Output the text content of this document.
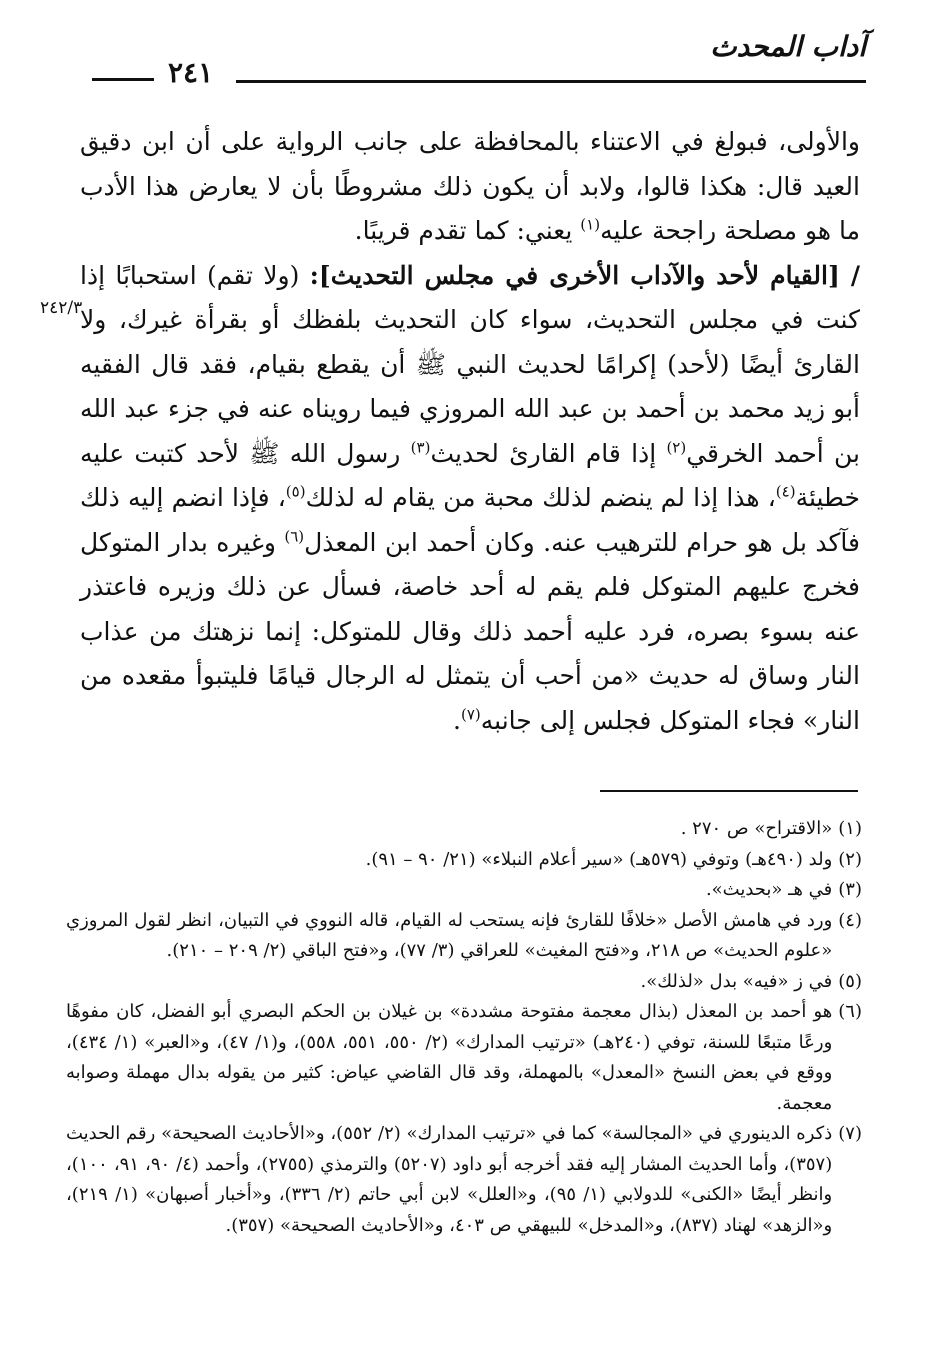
آداب المحدث
٢٤١
٢٤٢/٣

والأولى، فبولغ في الاعتناء بالمحافظة على جانب الرواية على أن ابن دقيق العيد قال: هكذا قالوا، ولابد أن يكون ذلك مشروطًا بأن لا يعارض هذا الأدب ما هو مصلحة راجحة عليه$^{(١)}$ يعني: كما تقدم قريبًا.

/ [القيام لأحد والآداب الأخرى في مجلس التحديث]: (ولا تقم) استحبابًا إذا كنت في مجلس التحديث، سواء كان التحديث بلفظك أو بقرأة غيرك، ولا القارئ أيضًا (لأحد) إكرامًا لحديث النبي ﷺ أن يقطع بقيام، فقد قال الفقيه أبو زيد محمد بن أحمد بن عبد الله المروزي فيما رويناه عنه في جزء عبد الله بن أحمد الخرقي$^{(٢)}$ إذا قام القارئ لحديث$^{(٣)}$ رسول الله ﷺ لأحد كتبت عليه خطيئة$^{(٤)}$، هذا إذا لم ينضم لذلك محبة من يقام له لذلك$^{(٥)}$، فإذا انضم إليه ذلك فآكد بل هو حرام للترهيب عنه. وكان أحمد ابن المعذل$^{(٦)}$ وغيره بدار المتوكل فخرج عليهم المتوكل فلم يقم له أحد خاصة، فسأل عن ذلك وزيره فاعتذر عنه بسوء بصره، فرد عليه أحمد ذلك وقال للمتوكل: إنما نزهتك من عذاب النار وساق له حديث «من أحب أن يتمثل له الرجال قيامًا فليتبوأ مقعده من النار» فجاء المتوكل فجلس إلى جانبه$^{(٧)}$.

(١)
«الاقتراح» ص ٢٧٠ .
(٢)
ولد (٤٩٠هـ) وتوفي (٥٧٩هـ) «سير أعلام النبلاء» (٢١/ ٩٠ – ٩١).
(٣)
في هـ «بحديث».
(٤)
ورد في هامش الأصل «خلافًا للقارئ فإنه يستحب له القيام، قاله النووي في التبيان، انظر لقول المروزي «علوم الحديث» ص ٢١٨، و«فتح المغيث» للعراقي (٣/ ٧٧)، و«فتح الباقي (٢/ ٢٠٩ – ٢١٠).
(٥)
في ز «فيه» بدل «لذلك».
(٦)
هو أحمد بن المعذل (بذال معجمة مفتوحة مشددة» بن غيلان بن الحكم البصري أبو الفضل، كان مفوهًا ورعًا متبعًا للسنة، توفي (٢٤٠هـ) «ترتيب المدارك» (٢/ ٥٥٠، ٥٥١، ٥٥٨)، و(١/ ٤٧)، و«العبر» (١/ ٤٣٤)، ووقع في بعض النسخ «المعدل» بالمهملة، وقد قال القاضي عياض: كثير من يقوله بدال مهملة وصوابه معجمة.
(٧)
ذكره الدينوري في «المجالسة» كما في «ترتيب المدارك» (٢/ ٥٥٢)، و«الأحاديث الصحيحة» رقم الحديث (٣٥٧)، وأما الحديث المشار إليه فقد أخرجه أبو داود (٥٢٠٧) والترمذي (٢٧٥٥)، وأحمد (٤/ ٩٠، ٩١، ١٠٠)، وانظر أيضًا «الكنى» للدولابي (١/ ٩٥)، و«العلل» لابن أبي حاتم (٢/ ٣٣٦)، و«أخبار أصبهان» (١/ ٢١٩)، و«الزهد» لهناد (٨٣٧)، و«المدخل» للبيهقي ص ٤٠٣، و«الأحاديث الصحيحة» (٣٥٧).
